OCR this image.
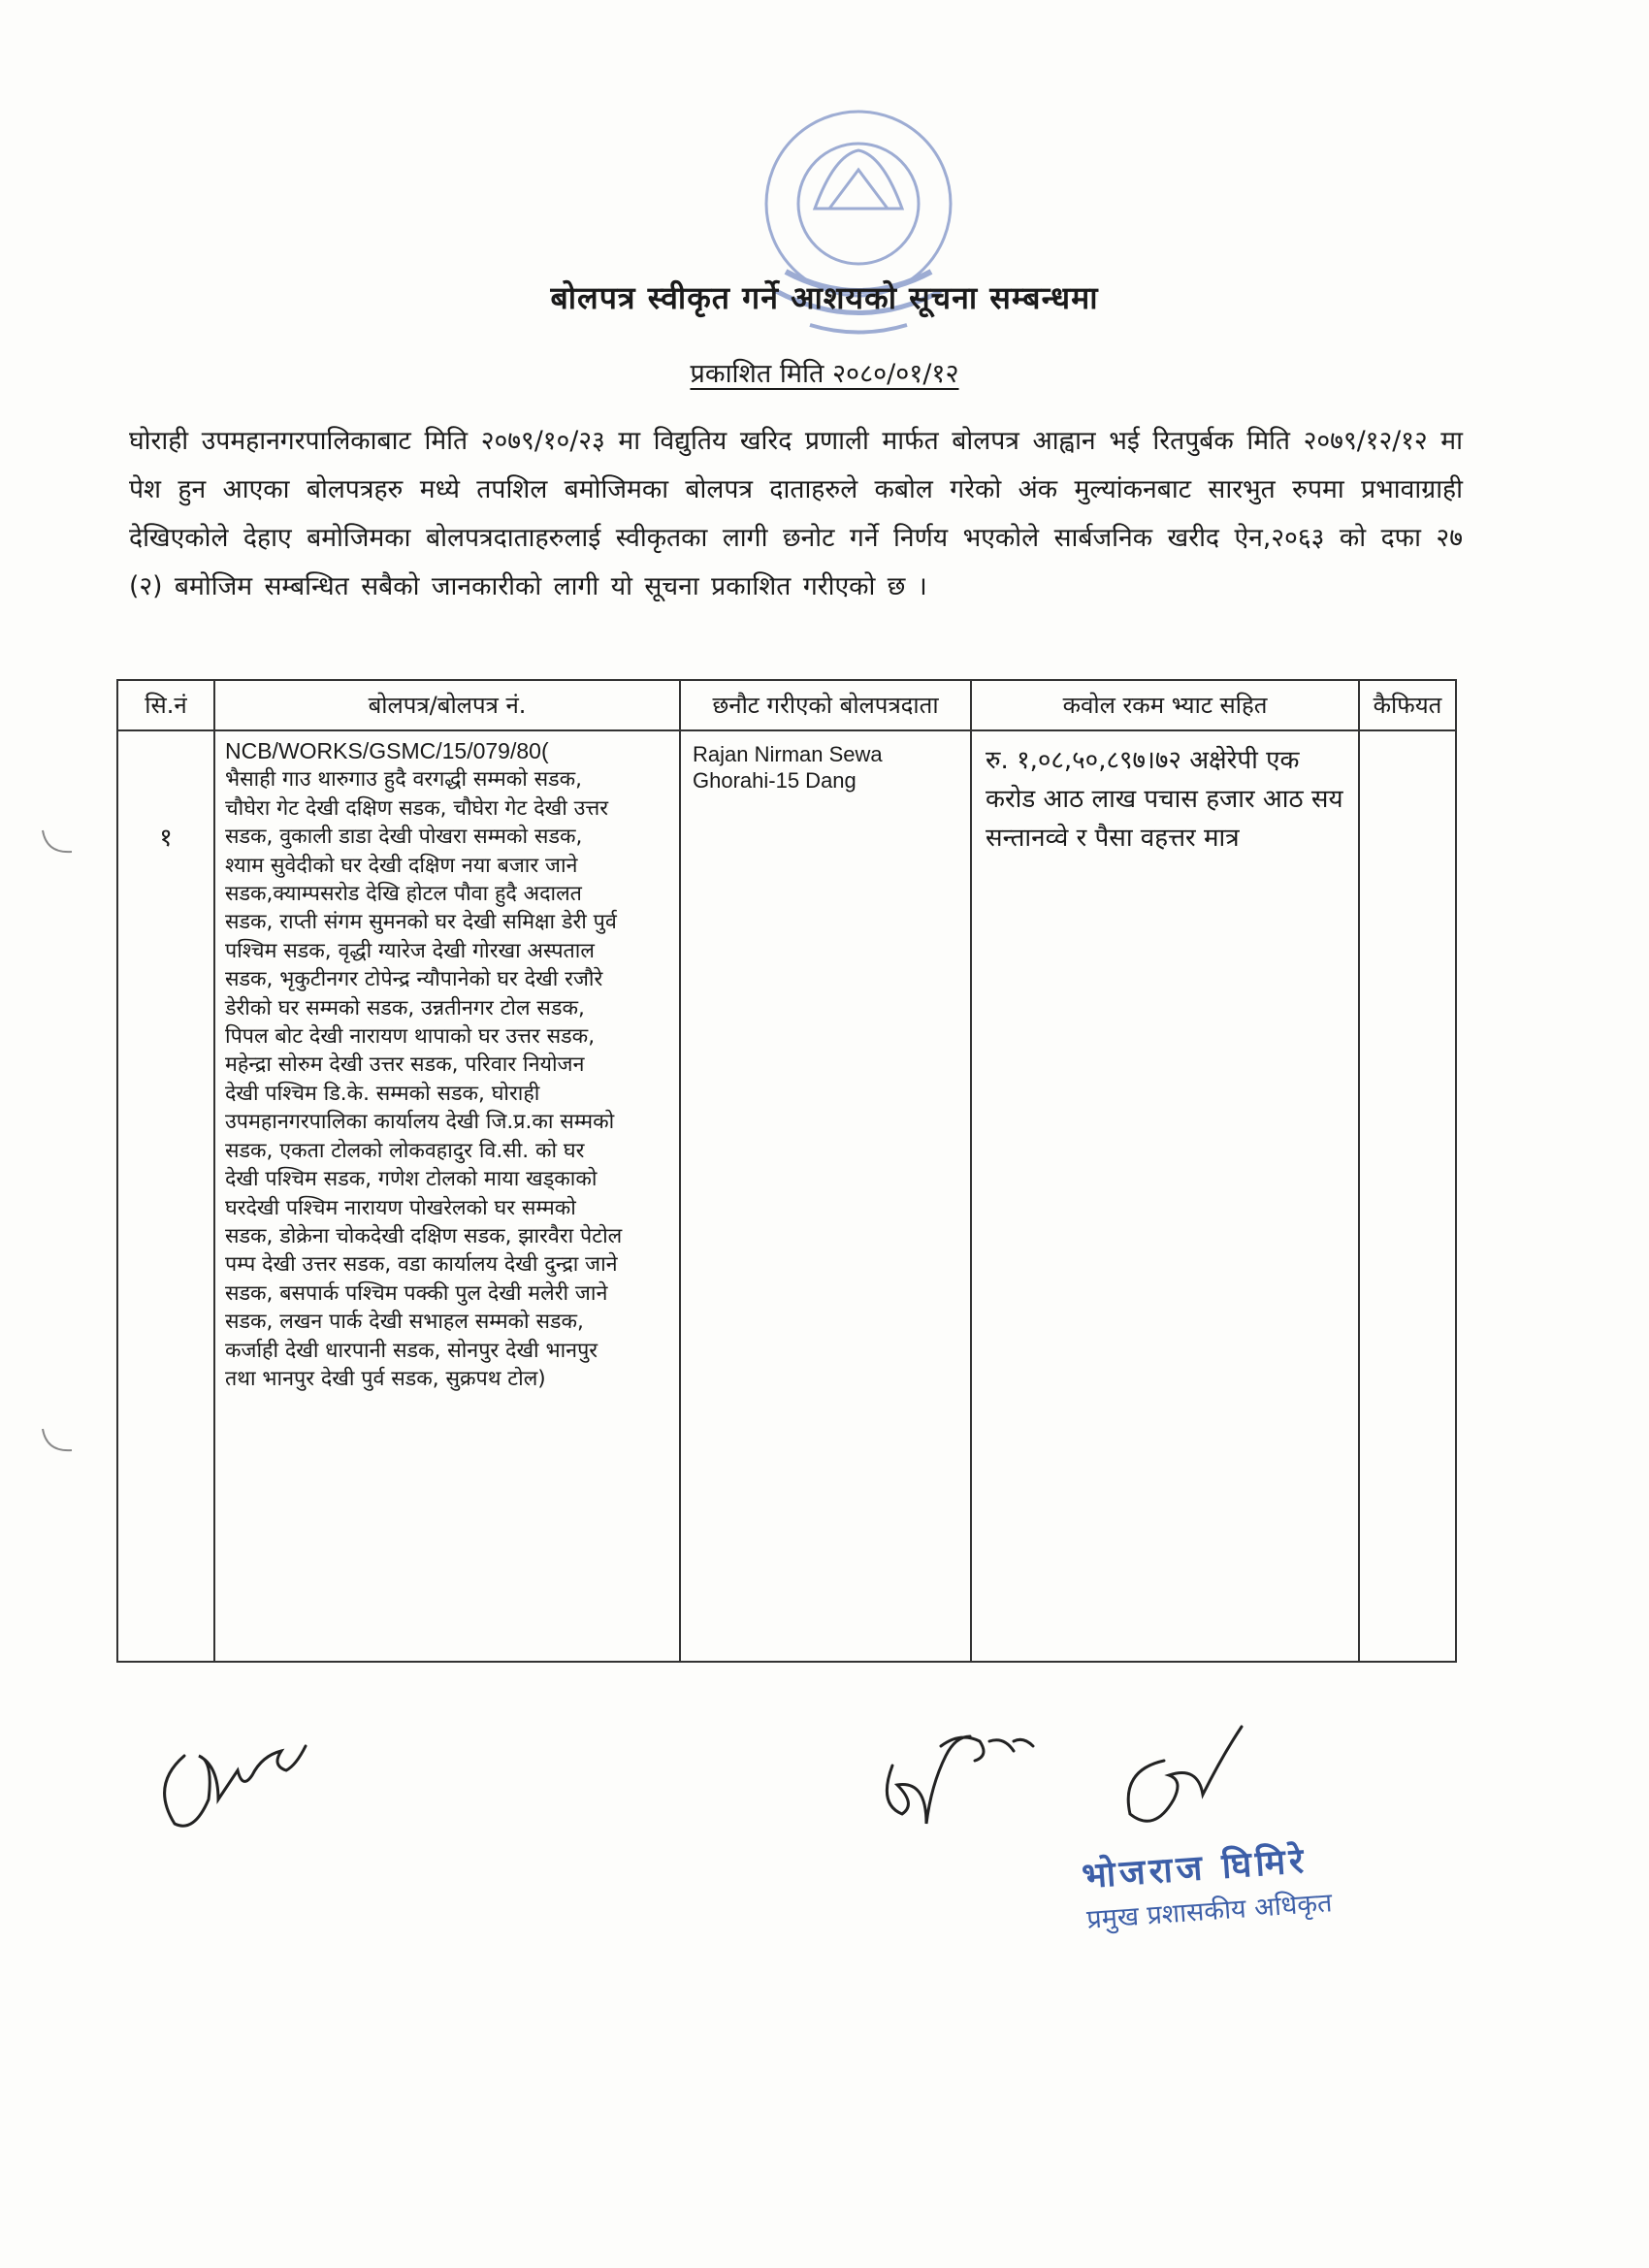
बोलपत्र स्वीकृत गर्ने आशयको सूचना सम्बन्धमा
प्रकाशित मिति २०८०/०१/१२
घोराही उपमहानगरपालिकाबाट मिति २०७९/१०/२३ मा विद्युतिय खरिद प्रणाली मार्फत बोलपत्र आह्वान भई रितपुर्बक मिति २०७९/१२/१२ मा पेश हुन आएका बोलपत्रहरु मध्ये तपशिल बमोजिमका बोलपत्र दाताहरुले कबोल गरेको अंक मुल्यांकनबाट सारभुत रुपमा प्रभावाग्राही देखिएकोले देहाए बमोजिमका बोलपत्रदाताहरुलाई स्वीकृतका लागी छनोट गर्ने निर्णय भएकोले सार्बजनिक खरीद ऐन,२०६३ को दफा २७ (२) बमोजिम सम्बन्धित सबैको जानकारीको लागी यो सूचना प्रकाशित गरीएको छ ।
सि.नं	बोलपत्र/बोलपत्र नं.	छनौट गरीएको बोलपत्रदाता	कवोल रकम भ्याट सहित	कैफियत
१	NCB/WORKS/GSMC/15/079/80(
भैसाही गाउ थारुगाउ हुदै वरगद्धी सम्मको सडक, चौघेरा गेट देखी दक्षिण सडक, चौघेरा गेट देखी उत्तर सडक, वुकाली डाडा देखी पोखरा सम्मको सडक, श्याम सुवेदीको घर देखी दक्षिण नया बजार जाने सडक,क्याम्पसरोड देखि होटल पौवा हुदै अदालत सडक, राप्ती संगम सुमनको घर देखी समिक्षा डेरी पुर्व पश्चिम सडक, वृद्धी ग्यारेज देखी गोरखा अस्पताल सडक, भृकुटीनगर टोपेन्द्र न्यौपानेको घर देखी रजौरे डेरीको घर सम्मको सडक, उन्नतीनगर टोल सडक, पिपल बोट देखी नारायण थापाको घर उत्तर सडक, महेन्द्रा सोरुम देखी उत्तर सडक, परिवार नियोजन देखी पश्चिम डि.के. सम्मको सडक, घोराही उपमहानगरपालिका कार्यालय देखी जि.प्र.का सम्मको सडक, एकता टोलको लोकवहादुर वि.सी. को घर देखी पश्चिम सडक, गणेश टोलको माया खड्काको घरदेखी पश्चिम नारायण पोखरेलको घर सम्मको सडक, डोक्रेना चोकदेखी दक्षिण सडक, झारवैरा पेटोल पम्प देखी उत्तर सडक, वडा कार्यालय देखी दुन्द्रा जाने सडक, बसपार्क पश्चिम पक्की पुल देखी मलेरी जाने सडक, लखन पार्क देखी सभाहल सम्मको सडक, कर्जाही देखी धारपानी सडक, सोनपुर देखी भानपुर तथा भानपुर देखी पुर्व सडक, सुक्रपथ टोल)	Rajan Nirman Sewa Ghorahi-15 Dang	रु. १,०८,५०,८९७।७२ अक्षेरेपी एक करोड आठ लाख पचास हजार आठ सय सन्तानव्वे र पैसा वहत्तर मात्र	
भोजराज घिमिरे
प्रमुख प्रशासकीय अधिकृत
